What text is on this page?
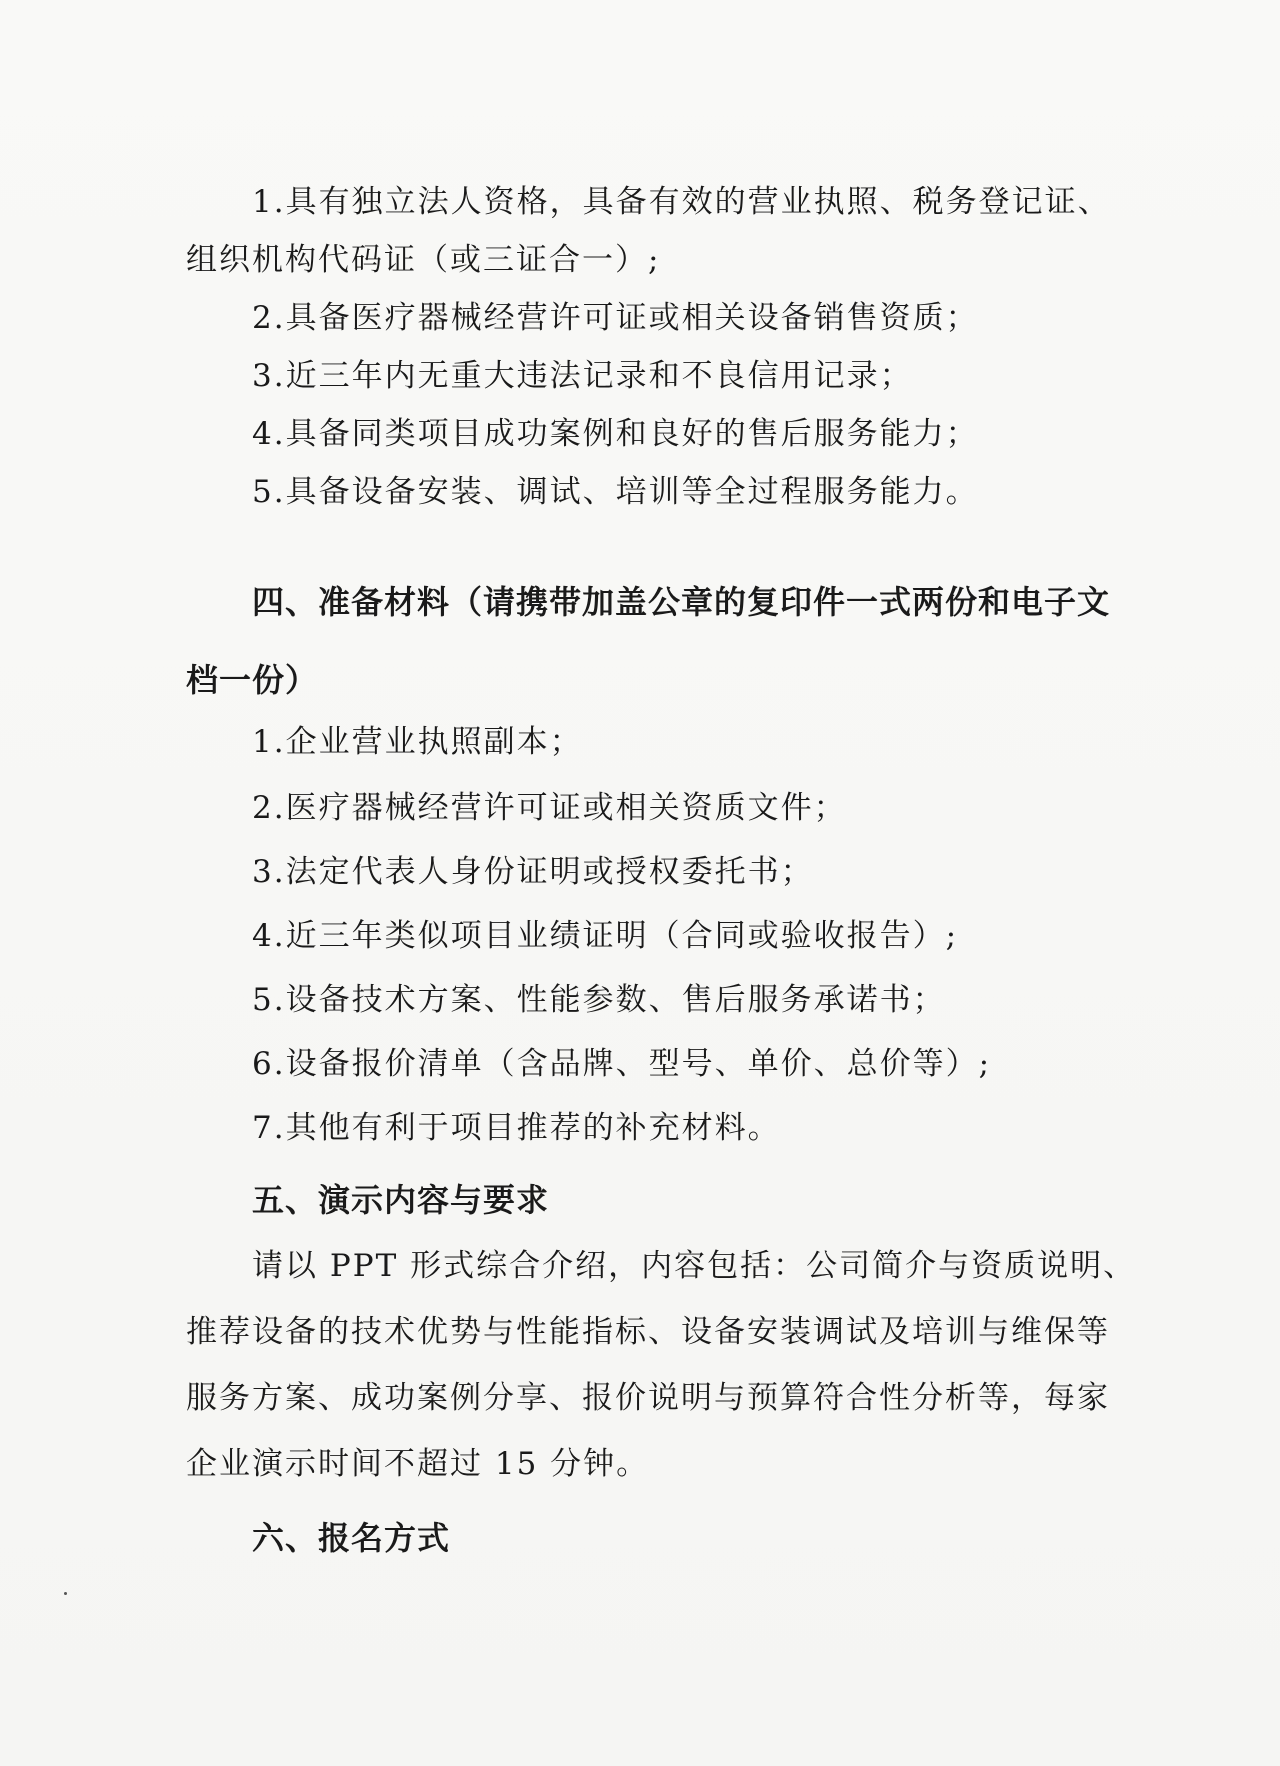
1.具有独立法人资格，具备有效的营业执照、税务登记证、
组织机构代码证（或三证合一）;
2.具备医疗器械经营许可证或相关设备销售资质；
3.近三年内无重大违法记录和不良信用记录；
4.具备同类项目成功案例和良好的售后服务能力；
5.具备设备安装、调试、培训等全过程服务能力。
四、准备材料（请携带加盖公章的复印件一式两份和电子文
档一份）
1.企业营业执照副本；
2.医疗器械经营许可证或相关资质文件；
3.法定代表人身份证明或授权委托书；
4.近三年类似项目业绩证明（合同或验收报告）;
5.设备技术方案、性能参数、售后服务承诺书；
6.设备报价清单（含品牌、型号、单价、总价等）;
7.其他有利于项目推荐的补充材料。
五、演示内容与要求
请以 PPT 形式综合介绍，内容包括：公司简介与资质说明、
推荐设备的技术优势与性能指标、设备安装调试及培训与维保等
服务方案、成功案例分享、报价说明与预算符合性分析等，每家
企业演示时间不超过 15 分钟。
六、报名方式
